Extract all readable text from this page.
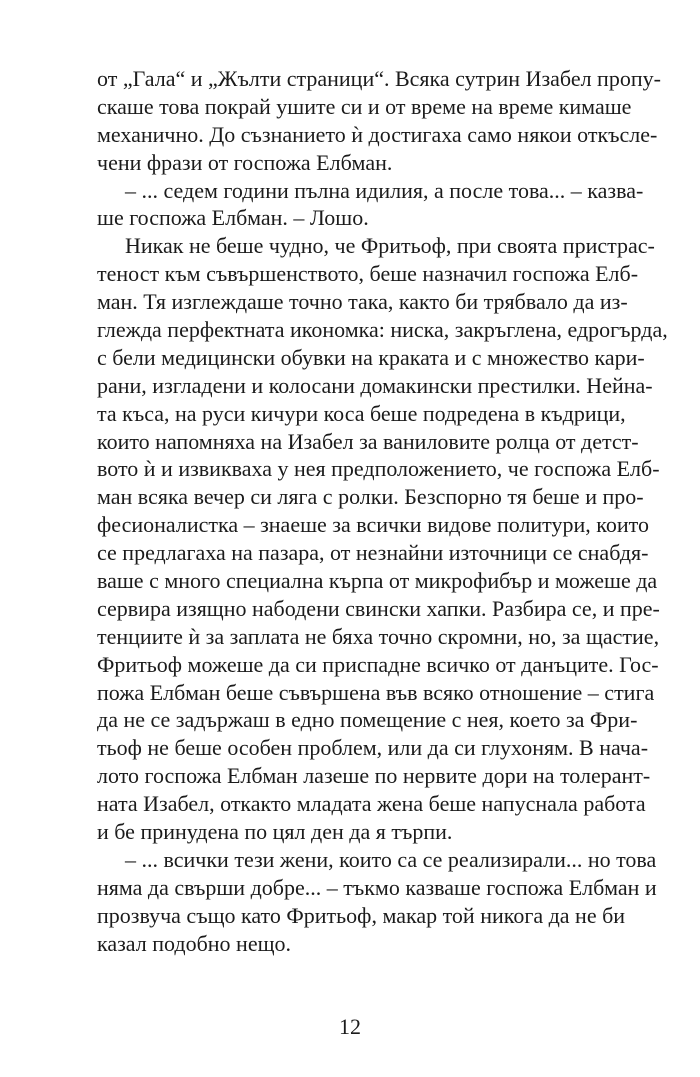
от „Гала“ и „Жълти страници“. Всяка сутрин Изабел пропу-
скаше това покрай ушите си и от време на време кимаше
механично. До съзнанието ѝ достигаха само някои откъсле-
чени фрази от госпожа Елбман.
– ... седем години пълна идилия, а после това... – казва-
ше госпожа Елбман. – Лошо.
Никак не беше чудно, че Фритьоф, при своята пристрас-
теност към съвършенството, беше назначил госпожа Елб-
ман. Тя изглеждаше точно така, както би трябвало да из-
глежда перфектната икономка: ниска, закръглена, едрогърда,
с бели медицински обувки на краката и с множество кари-
рани, изгладени и колосани домакински престилки. Нейна-
та къса, на руси кичури коса беше подредена в къдрици,
които напомняха на Изабел за ваниловите ролца от детст-
вото ѝ и извикваха у нея предположението, че госпожа Елб-
ман всяка вечер си ляга с ролки. Безспорно тя беше и про-
фесионалистка – знаеше за всички видове политури, които
се предлагаха на пазара, от незнайни източници се снабдя-
ваше с много специална кърпа от микрофибър и можеше да
сервира изящно набодени свински хапки. Разбира се, и пре-
тенциите ѝ за заплата не бяха точно скромни, но, за щастие,
Фритьоф можеше да си приспадне всичко от данъците. Гос-
пожа Елбман беше съвършена във всяко отношение – стига
да не се задържаш в едно помещение с нея, което за Фри-
тьоф не беше особен проблем, или да си глухоням. В нача-
лото госпожа Елбман лазеше по нервите дори на толерант-
ната Изабел, откакто младата жена беше напуснала работа
и бе принудена по цял ден да я търпи.
– ... всички тези жени, които са се реализирали... но това
няма да свърши добре... – тъкмо казваше госпожа Елбман и
прозвуча също като Фритьоф, макар той никога да не би
казал подобно нещо.
12
